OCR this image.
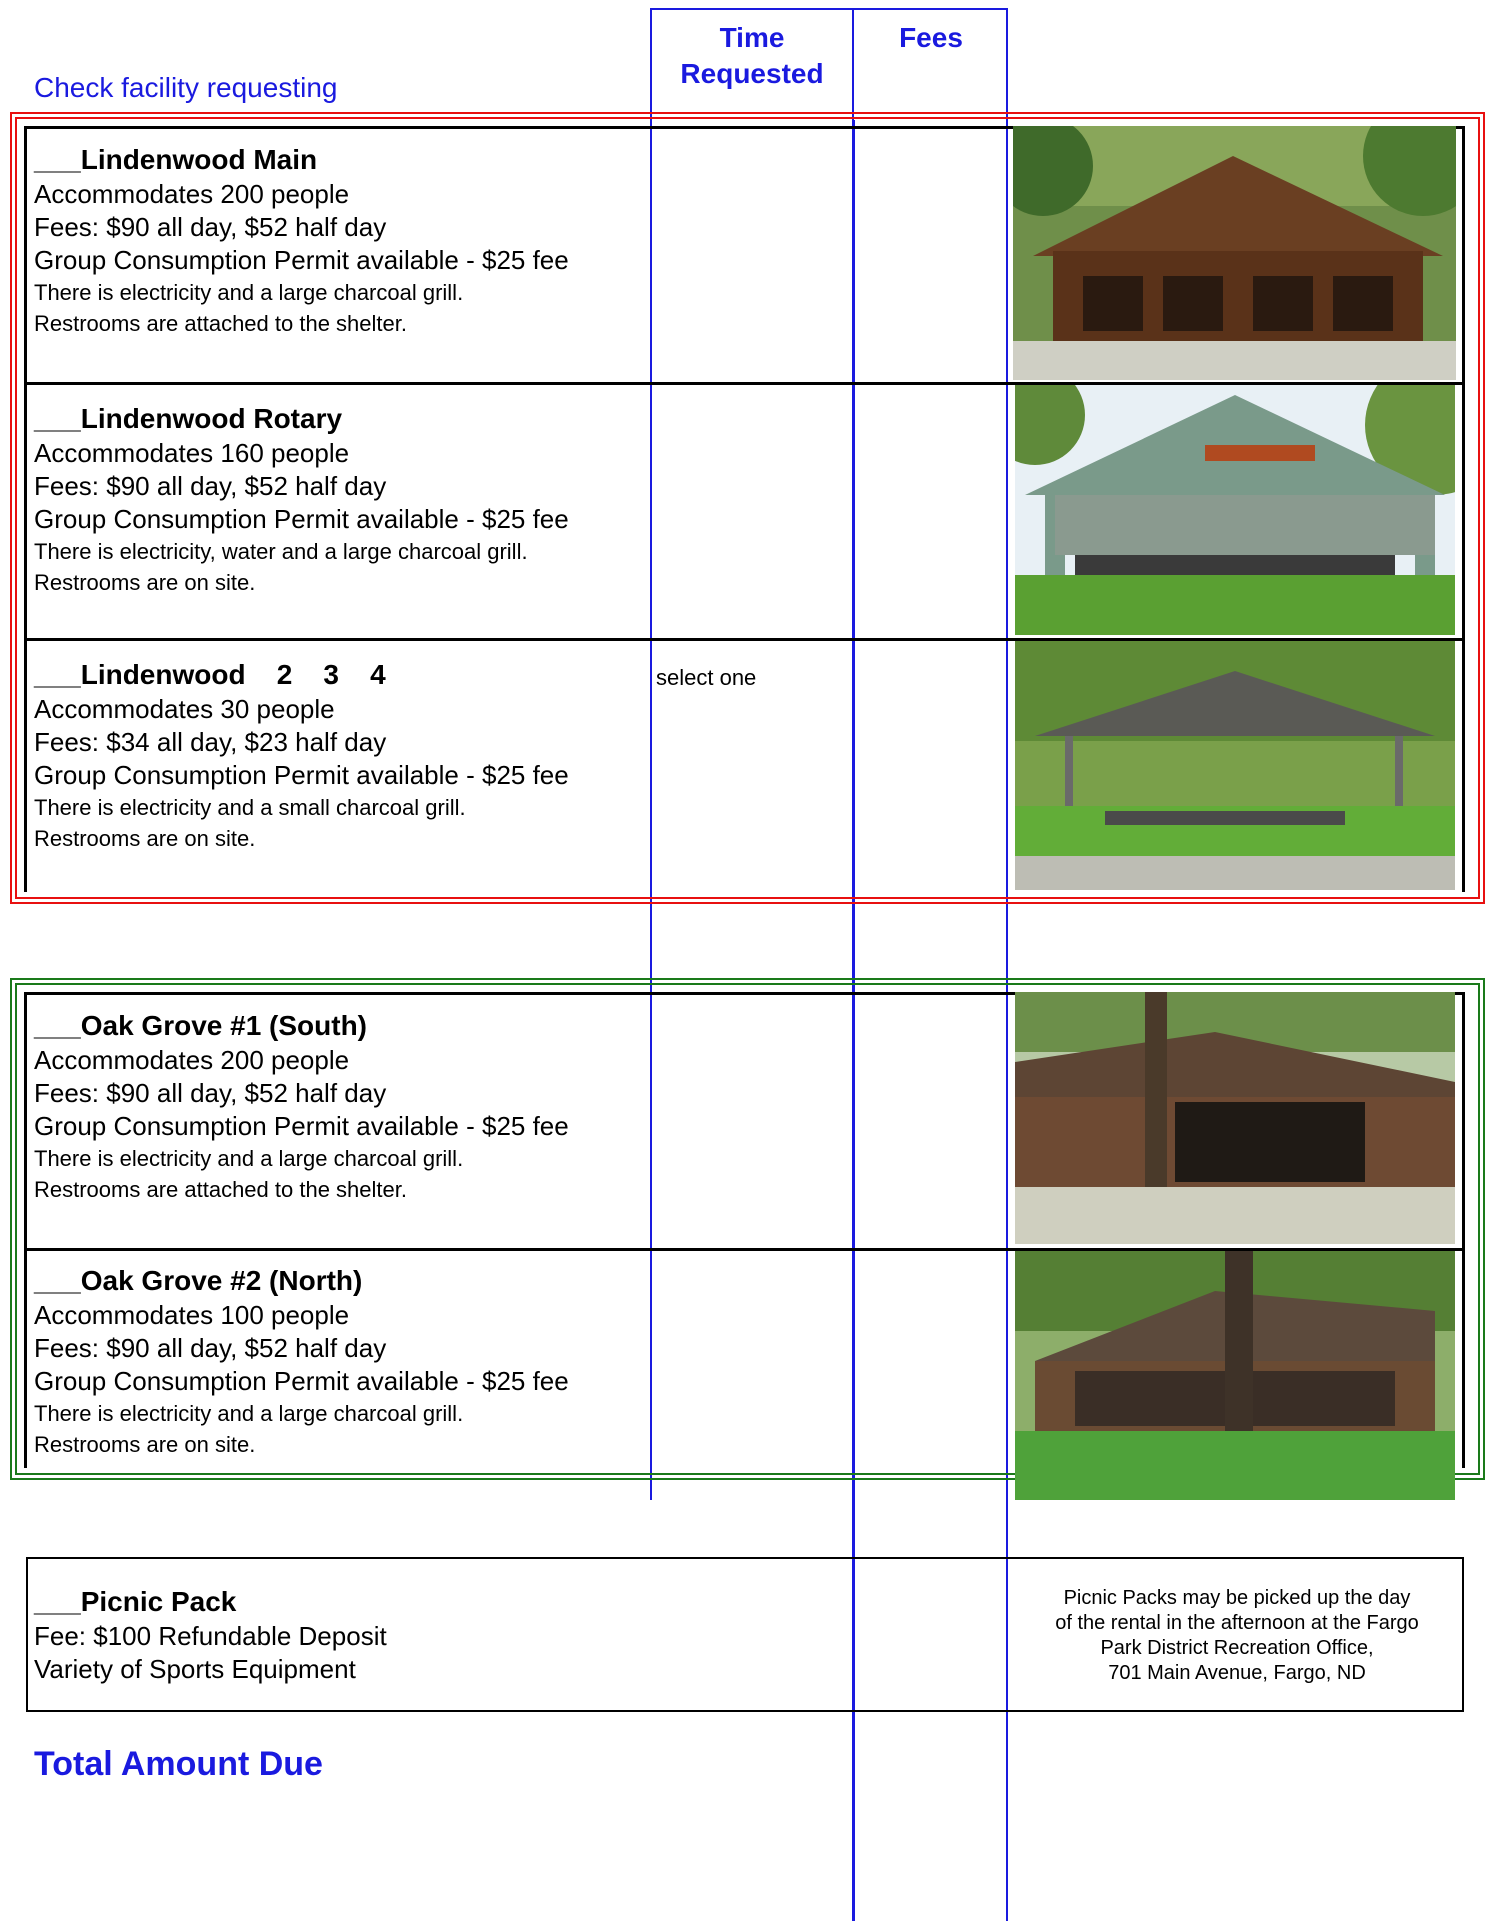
Time
Requested
Fees
Check facility requesting
___Lindenwood Main
Accommodates 200 people
Fees: $90 all day, $52 half day
Group Consumption Permit available - $25 fee
There is electricity and a large charcoal grill.
Restrooms are attached to the shelter.
___Lindenwood Rotary
Accommodates 160 people
Fees: $90 all day, $52 half day
Group Consumption Permit available - $25 fee
There is electricity, water and a large charcoal grill.
Restrooms are on site.
___Lindenwood    2    3    4
Accommodates 30 people
Fees: $34 all day, $23 half day
Group Consumption Permit available - $25 fee
There is electricity and a small charcoal grill.
Restrooms are on site.
select one
___Oak Grove #1 (South)
Accommodates 200 people
Fees: $90 all day, $52 half day
Group Consumption Permit available - $25 fee
There is electricity and a large charcoal grill.
Restrooms are attached to the shelter.
___Oak Grove #2 (North)
Accommodates 100 people
Fees: $90 all day, $52 half day
Group Consumption Permit available - $25 fee
There is electricity and a large charcoal grill.
Restrooms are on site.
___Picnic Pack
Fee: $100 Refundable Deposit
Variety of Sports Equipment
Picnic Packs may be picked up the day
of the rental in the afternoon at the Fargo
Park District Recreation Office,
701 Main Avenue, Fargo, ND
Total Amount Due
